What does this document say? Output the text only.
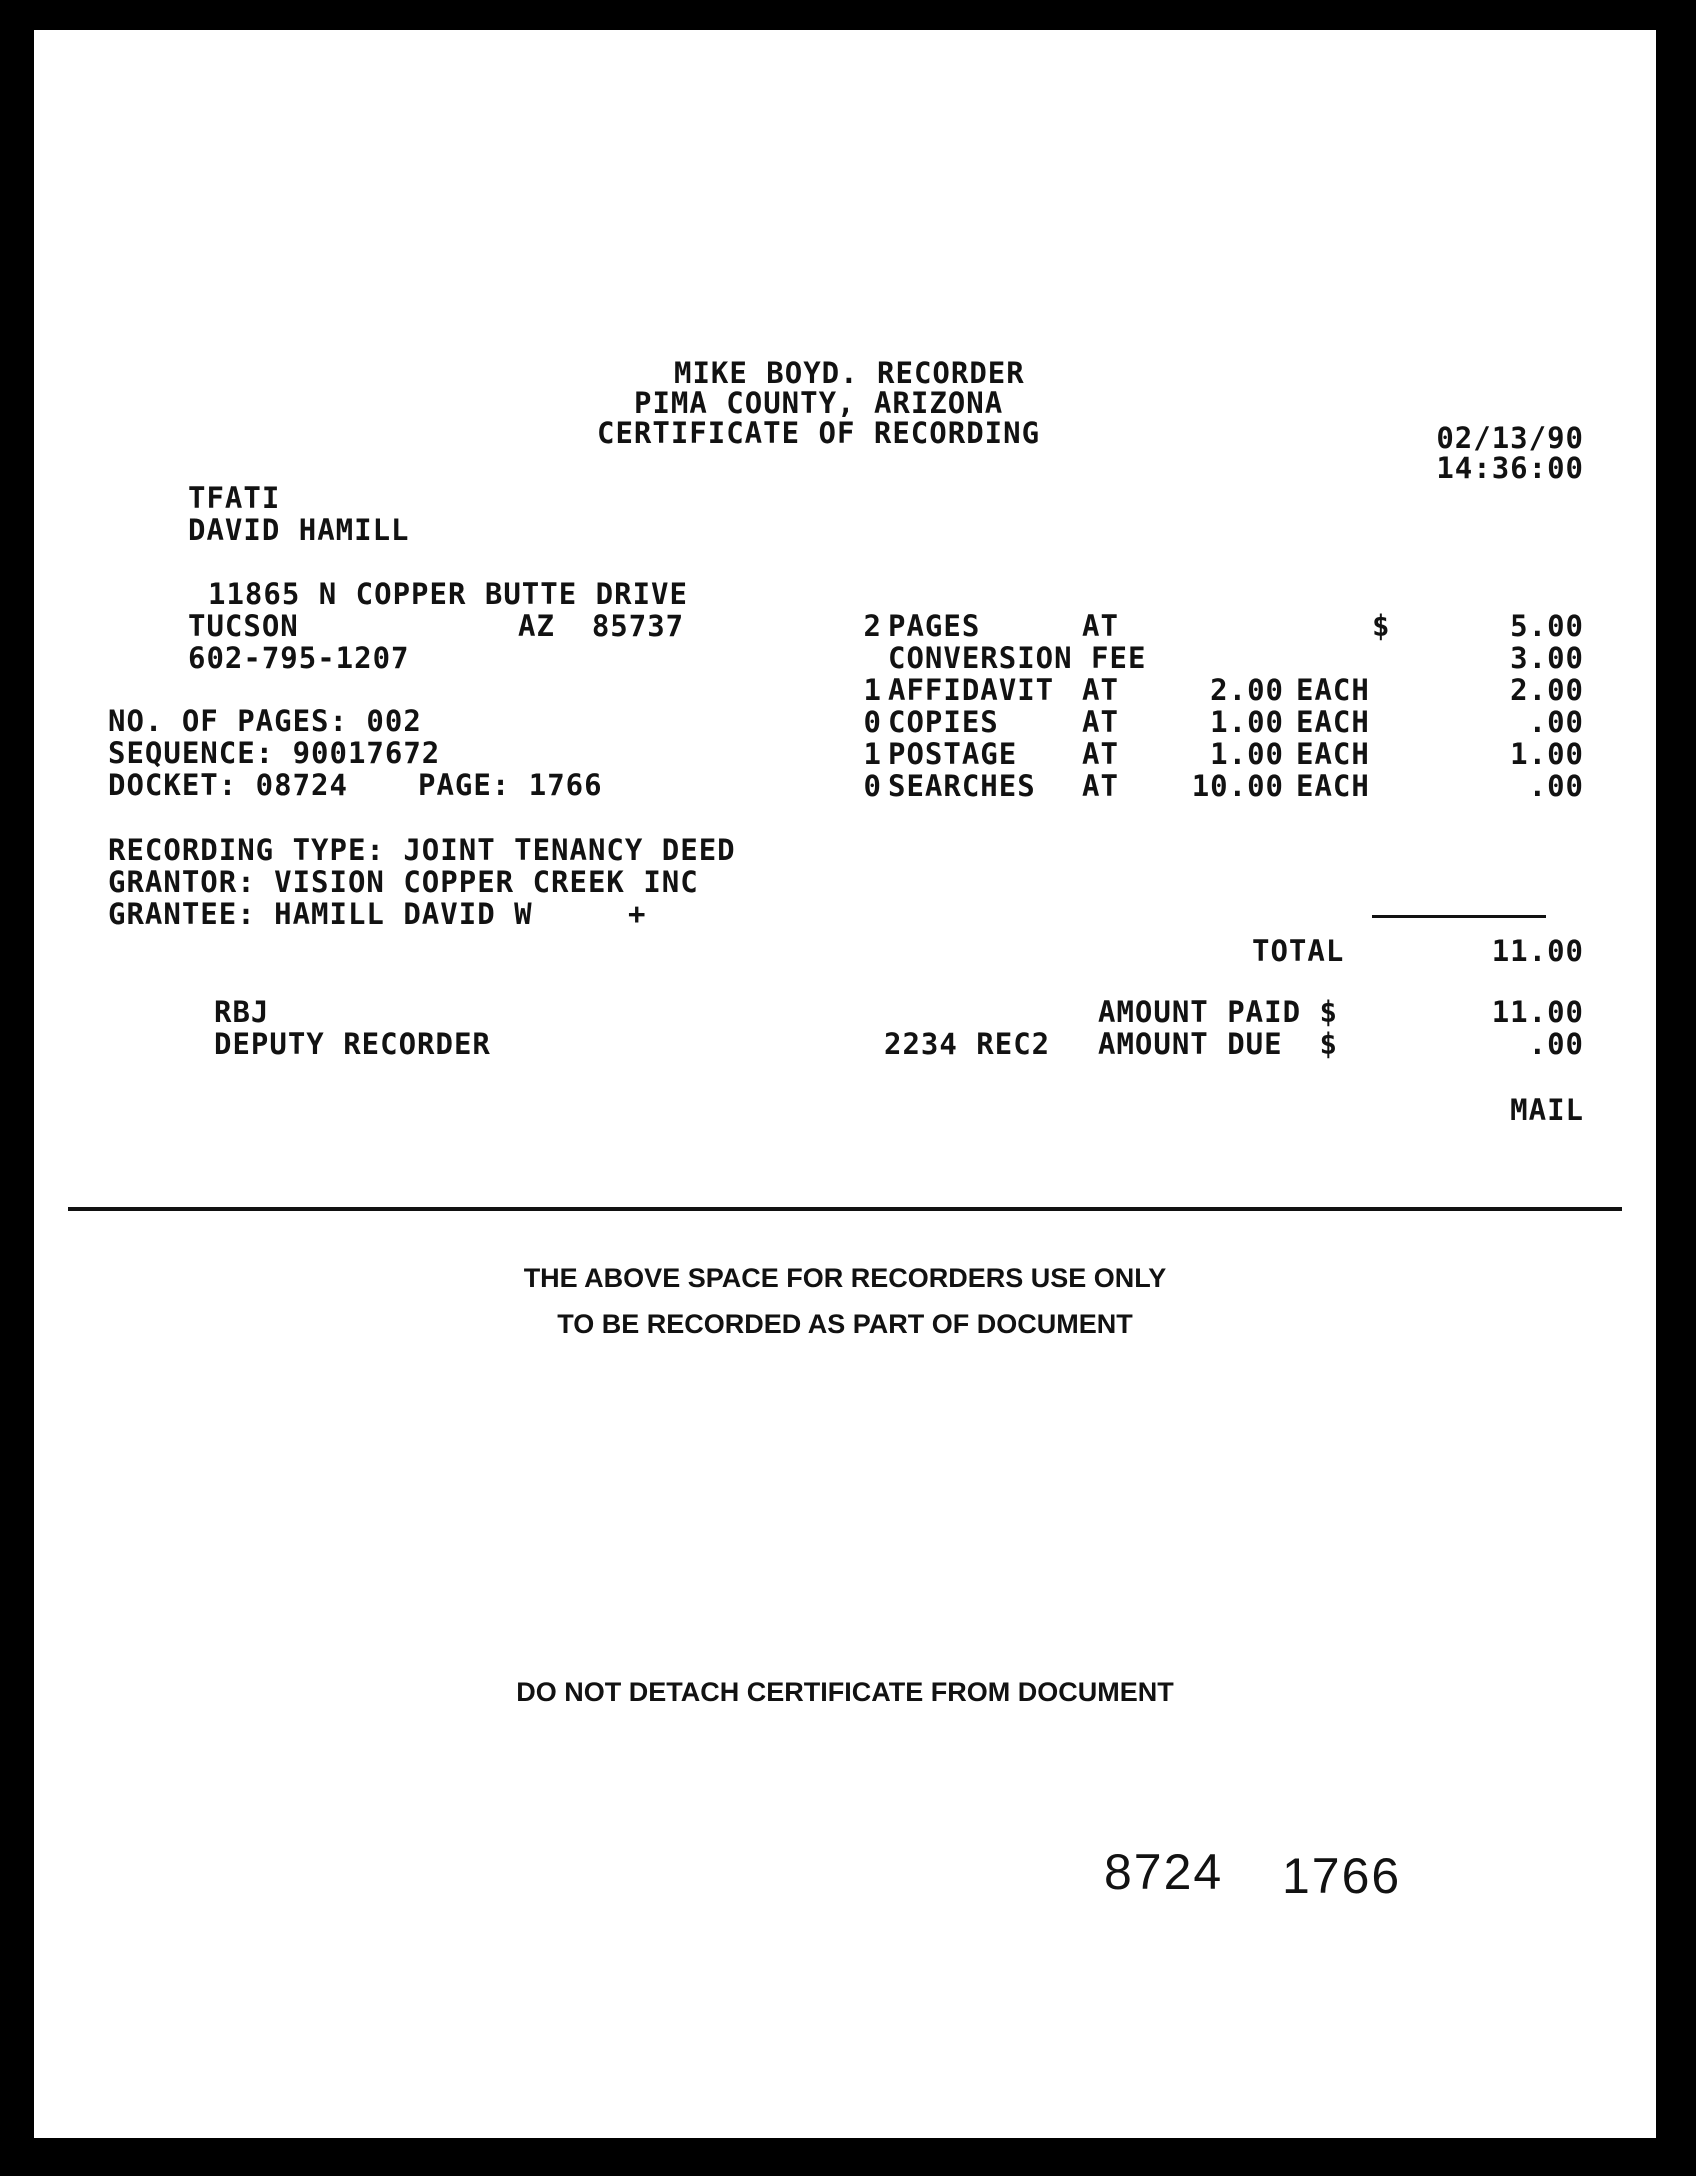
MIKE BOYD. RECORDER
PIMA COUNTY, ARIZONA
CERTIFICATE OF RECORDING	02/13/90
14:36:00
TFATI
DAVID HAMILL
11865 N COPPER BUTTE DRIVE
TUCSON	AZ  85737
602-795-1207
NO. OF PAGES: 002
SEQUENCE: 90017672
DOCKET: 08724 PAGE: 1766
RECORDING TYPE: JOINT TENANCY DEED
GRANTOR: VISION COPPER CREEK INC
GRANTEE: HAMILL DAVID W	+
2 PAGES	AT	$	5.00
CONVERSION FEE	3.00
1 AFFIDAVIT AT	2.00 EACH	2.00
0 COPIES	AT	1.00 EACH	.00
1 POSTAGE AT	1.00 EACH	1.00
0 SEARCHES AT	10.00 EACH	.00
TOTAL	11.00
RBJ
DEPUTY RECORDER
AMOUNT PAID $	11.00
2234 REC2 AMOUNT DUE  $	.00
MAIL
THE ABOVE SPACE FOR RECORDERS USE ONLY
TO BE RECORDED AS PART OF DOCUMENT
DO NOT DETACH CERTIFICATE FROM DOCUMENT
8724 1766
